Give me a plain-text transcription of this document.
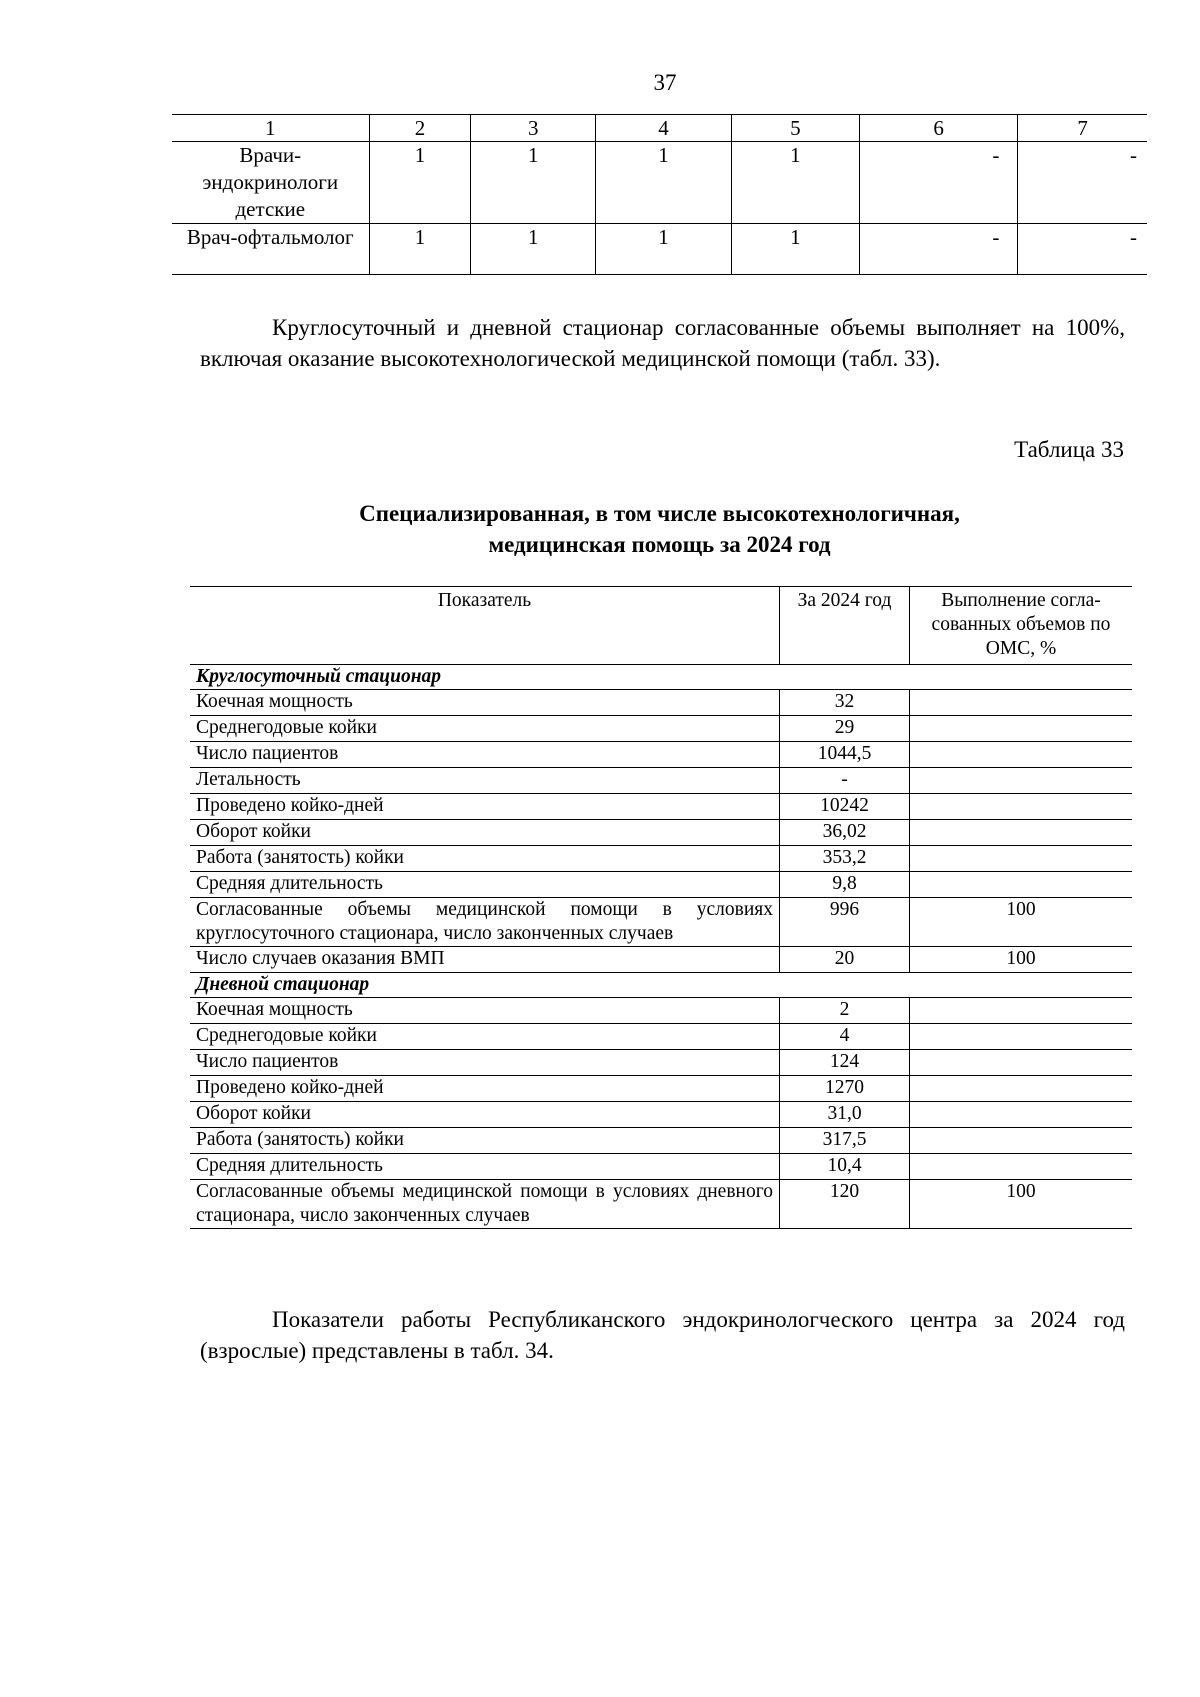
37
1	2	3	4	5	6	7
Врачи-эндокринологи детские	1	1	1	1	-	-
Врач-офтальмолог	1	1	1	1	-	-

Круглосуточный и дневной стационар согласованные объемы выполняет на 100%, включая оказание высокотехнологической медицинской помощи (табл. 33).

Таблица 33

Специализированная, в том числе высокотехнологичная,
медицинская помощь за 2024 год

Показатель	За 2024 год	Выполнение согла-сованных объемов по ОМС, %
Круглосуточный стационар		
Коечная мощность	32	
Среднегодовые койки	29	
Число пациентов	1044,5	
Летальность	-	
Проведено койко-дней	10242	
Оборот койки	36,02	
Работа (занятость) койки	353,2	
Средняя длительность	9,8	
Согласованные объемы медицинской помощи в условиях круглосуточного стационара, число законченных случаев	996	100
Число случаев оказания ВМП	20	100
Дневной стационар		
Коечная мощность	2	
Среднегодовые койки	4	
Число пациентов	124	
Проведено койко-дней	1270	
Оборот койки	31,0	
Работа (занятость) койки	317,5	
Средняя длительность	10,4	
Согласованные объемы медицинской помощи в условиях дневного стационара, число законченных случаев	120	100

Показатели работы Республиканского эндокринологческого центра за 2024 год (взрослые) представлены в табл. 34.
